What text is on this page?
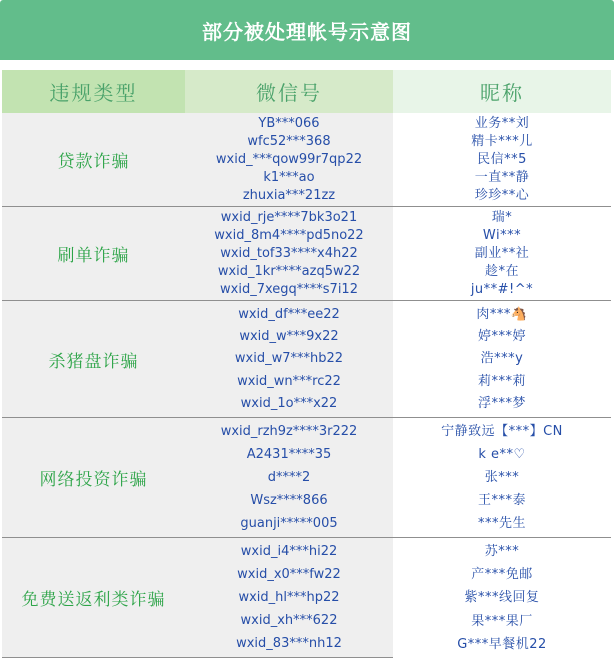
部分被处理帐号示意图
违规类型	微信号	昵称
贷款诈骗
YB***066
wfc52***368
wxid_***qow99r7qp22
k1***ao
zhuxia***21zz
业务**刘
精卡***儿
民信**5
一直**静
珍珍**心
刷单诈骗
wxid_rje****7bk3o21
wxid_8m4****pd5no22
wxid_tof33****x4h22
wxid_1kr****azq5w22
wxid_7xegq****s7i12
瑞*
Wi***
副业**社
趁*在
ju**#!^*
杀猪盘诈骗
wxid_df***ee22
wxid_w***9x22
wxid_w7***hb22
wxid_wn***rc22
wxid_1o***x22
肉***🐴
婷***婷
浩***y
莉***莉
浮***梦
网络投资诈骗
wxid_rzh9z****3r222
A2431****35
d****2
Wsz****866
guanji*****005
宁静致远【***】CN
k e**♡
张***
王***泰
***先生
免费送返利类诈骗
wxid_i4***hi22
wxid_x0***fw22
wxid_hl***hp22
wxid_xh***622
wxid_83***nh12
苏***
产***免邮
紫***线回复
果***果厂
G***早餐机22
